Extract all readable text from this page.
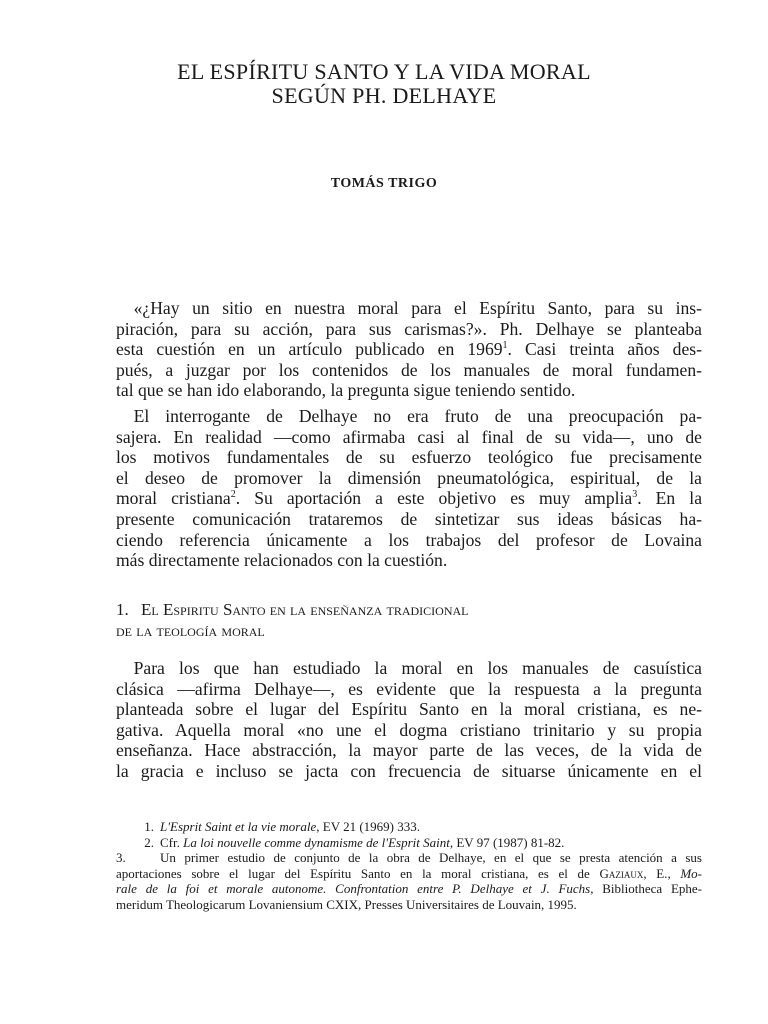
EL ESPÍRITU SANTO Y LA VIDA MORAL
SEGÚN PH. DELHAYE
TOMÁS TRIGO
«¿Hay un sitio en nuestra moral para el Espíritu Santo, para su ins-
piración, para su acción, para sus carismas?». Ph. Delhaye se planteaba
esta cuestión en un artículo publicado en 1969$^1$. Casi treinta años des-
pués, a juzgar por los contenidos de los manuales de moral fundamen-
tal que se han ido elaborando, la pregunta sigue teniendo sentido.
El interrogante de Delhaye no era fruto de una preocupación pa-
sajera. En realidad —como afirmaba casi al final de su vida—, uno de
los motivos fundamentales de su esfuerzo teológico fue precisamente
el deseo de promover la dimensión pneumatológica, espiritual, de la
moral cristiana$^2$. Su aportación a este objetivo es muy amplia$^3$. En la
presente comunicación trataremos de sintetizar sus ideas básicas ha-
ciendo referencia únicamente a los trabajos del profesor de Lovaina
más directamente relacionados con la cuestión.
1. El Espiritu Santo en la enseñanza tradicional
de la teología moral
Para los que han estudiado la moral en los manuales de casuística
clásica —afirma Delhaye—, es evidente que la respuesta a la pregunta
planteada sobre el lugar del Espíritu Santo en la moral cristiana, es ne-
gativa. Aquella moral «no une el dogma cristiano trinitario y su propia
enseñanza. Hace abstracción, la mayor parte de las veces, de la vida de
la gracia e incluso se jacta con frecuencia de situarse únicamente en el
1. L'Esprit Saint et la vie morale, EV 21 (1969) 333.
2. Cfr. La loi nouvelle comme dynamisme de l'Esprit Saint, EV 97 (1987) 81-82.
3.	Un primer estudio de conjunto de la obra de Delhaye, en el que se presta atención a sus
aportaciones sobre el lugar del Espíritu Santo en la moral cristiana, es el de Gaziaux, E., Mo-
rale de la foi et morale autonome. Confrontation entre P. Delhaye et J. Fuchs, Bibliotheca Ephe-
meridum Theologicarum Lovaniensium CXIX, Presses Universitaires de Louvain, 1995.
